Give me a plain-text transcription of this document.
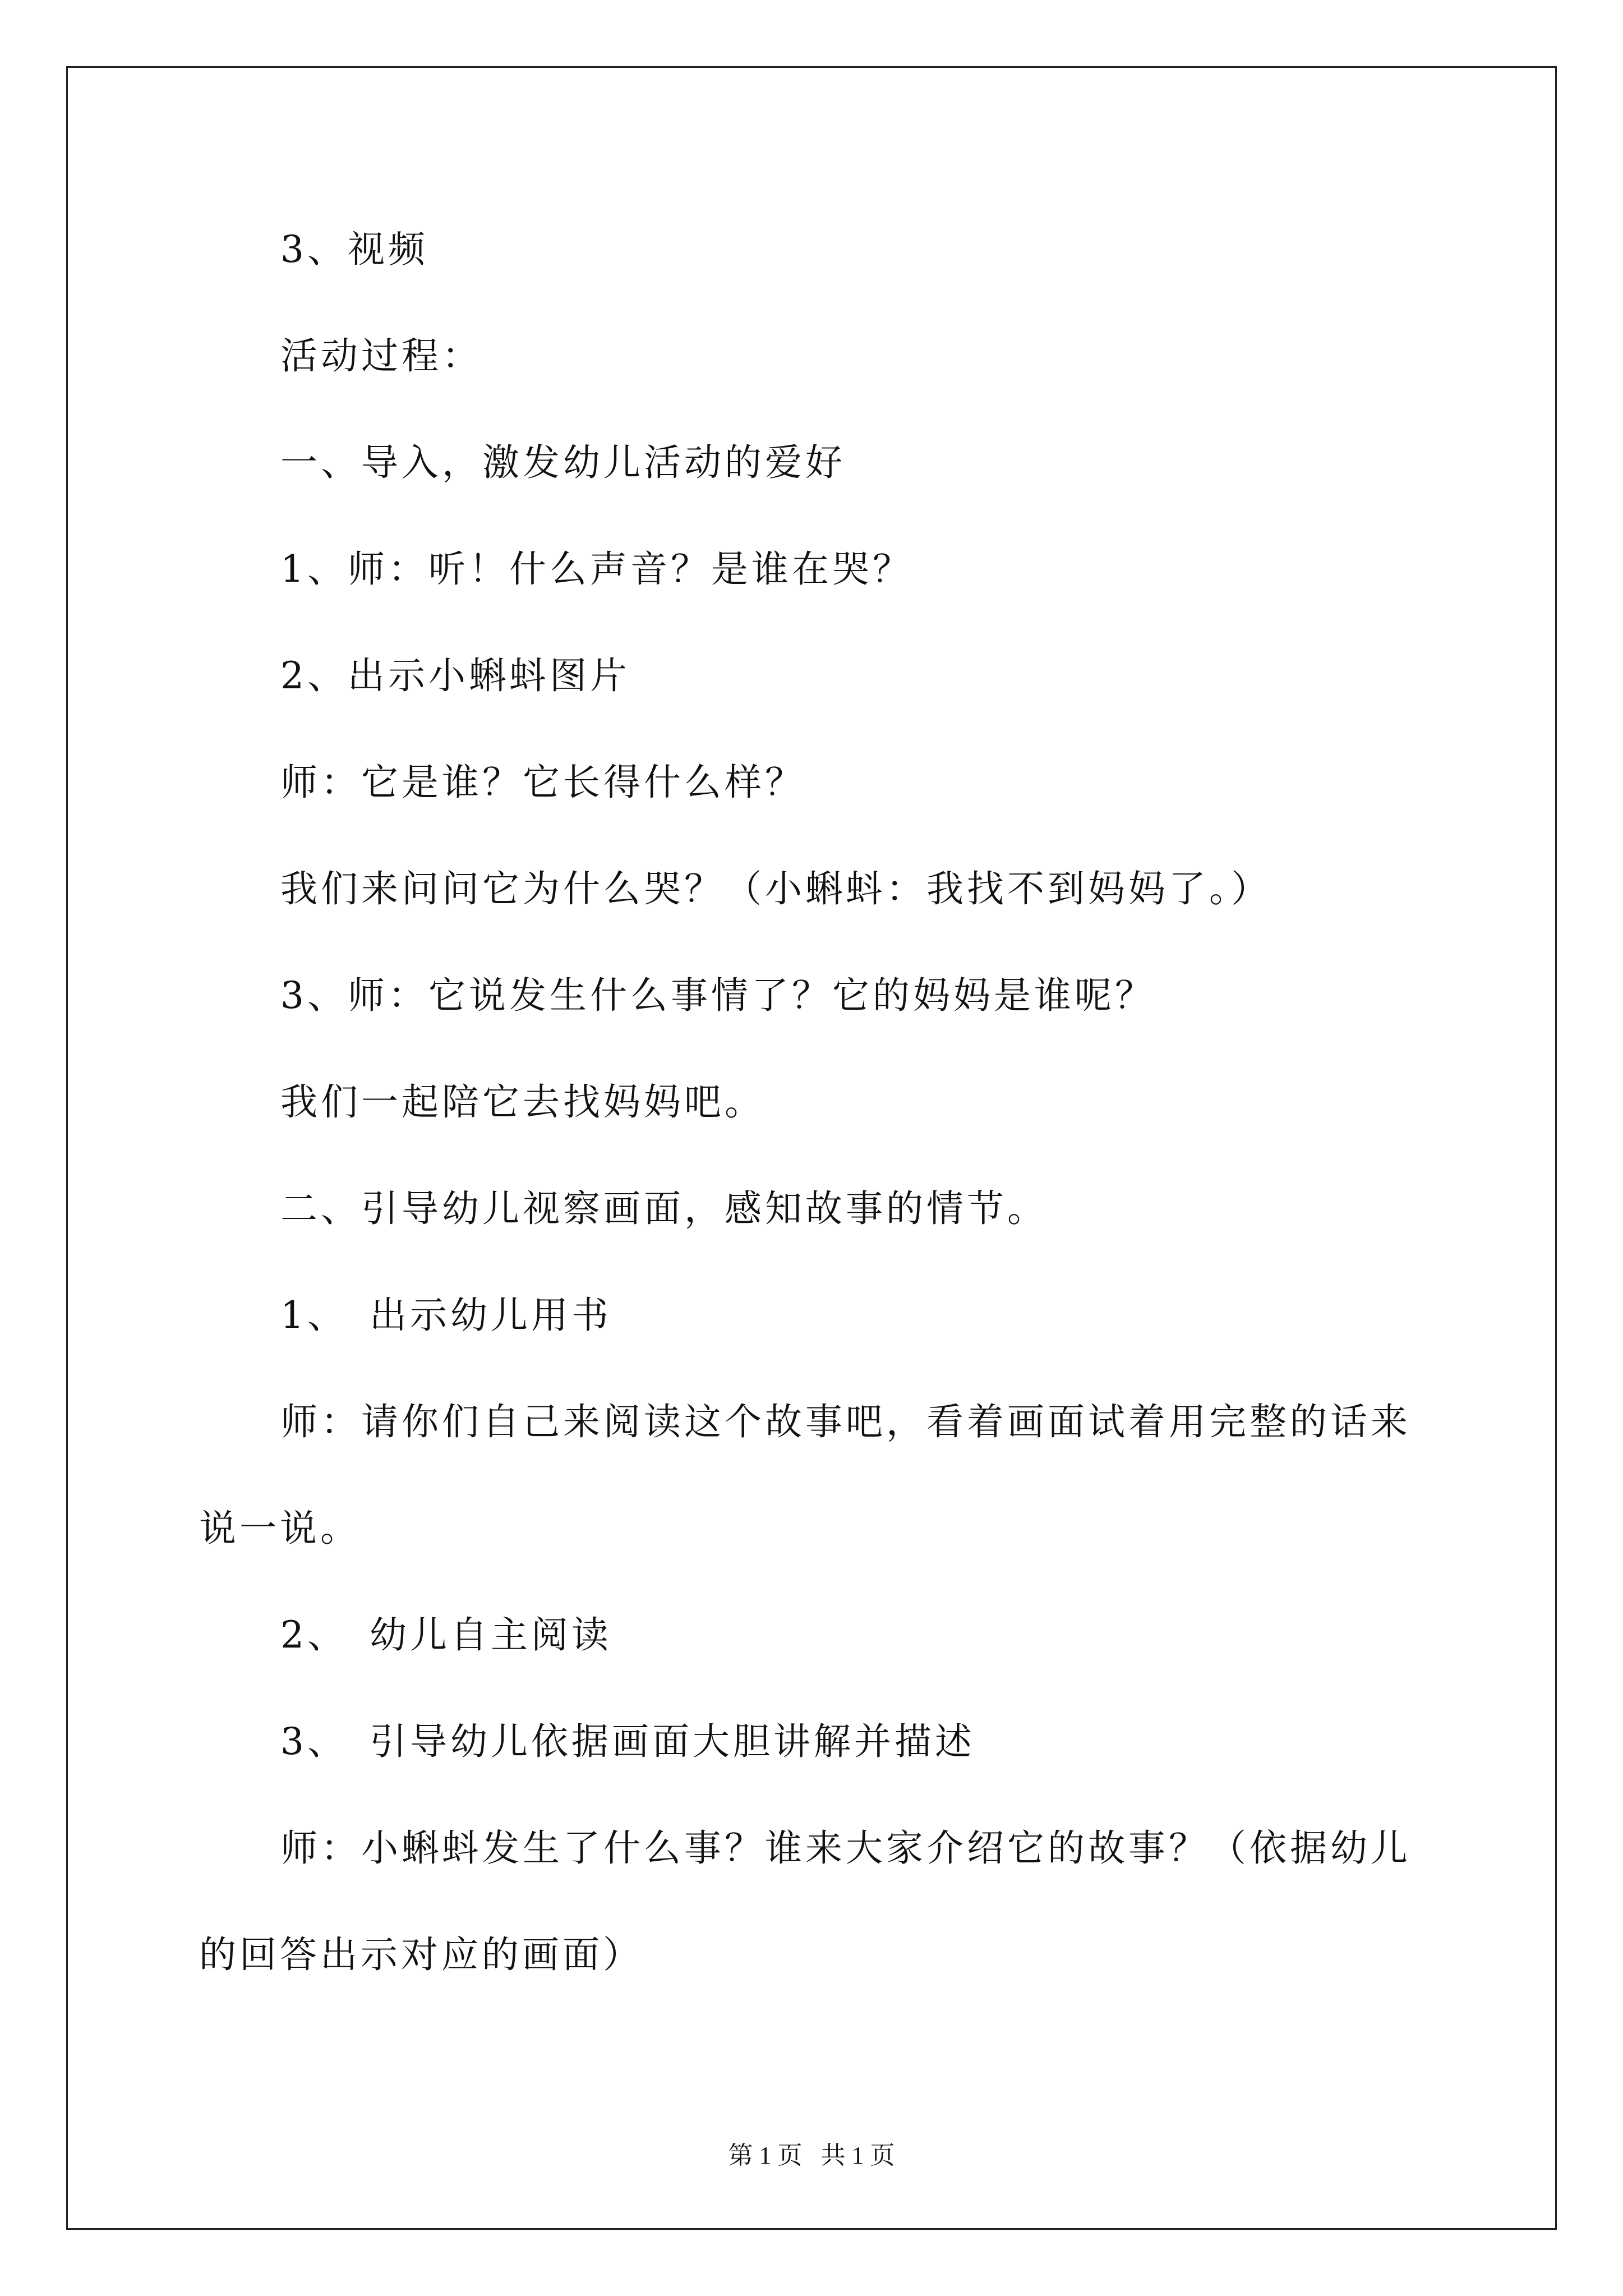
3、视频
活动过程：
一、导入，激发幼儿活动的爱好
1、师：听！什么声音？是谁在哭？
2、出示小蝌蚪图片
师：它是谁？它长得什么样？
我们来问问它为什么哭？（小蝌蚪：我找不到妈妈了。）
3、师：它说发生什么事情了？它的妈妈是谁呢？
我们一起陪它去找妈妈吧。
二、引导幼儿视察画面，感知故事的情节。
1、　出示幼儿用书
师：请你们自己来阅读这个故事吧，看着画面试着用完整的话来
说一说。
2、　幼儿自主阅读
3、　引导幼儿依据画面大胆讲解并描述
师：小蝌蚪发生了什么事？谁来大家介绍它的故事？（依据幼儿
的回答出示对应的画面）
第 1 页   共 1 页
